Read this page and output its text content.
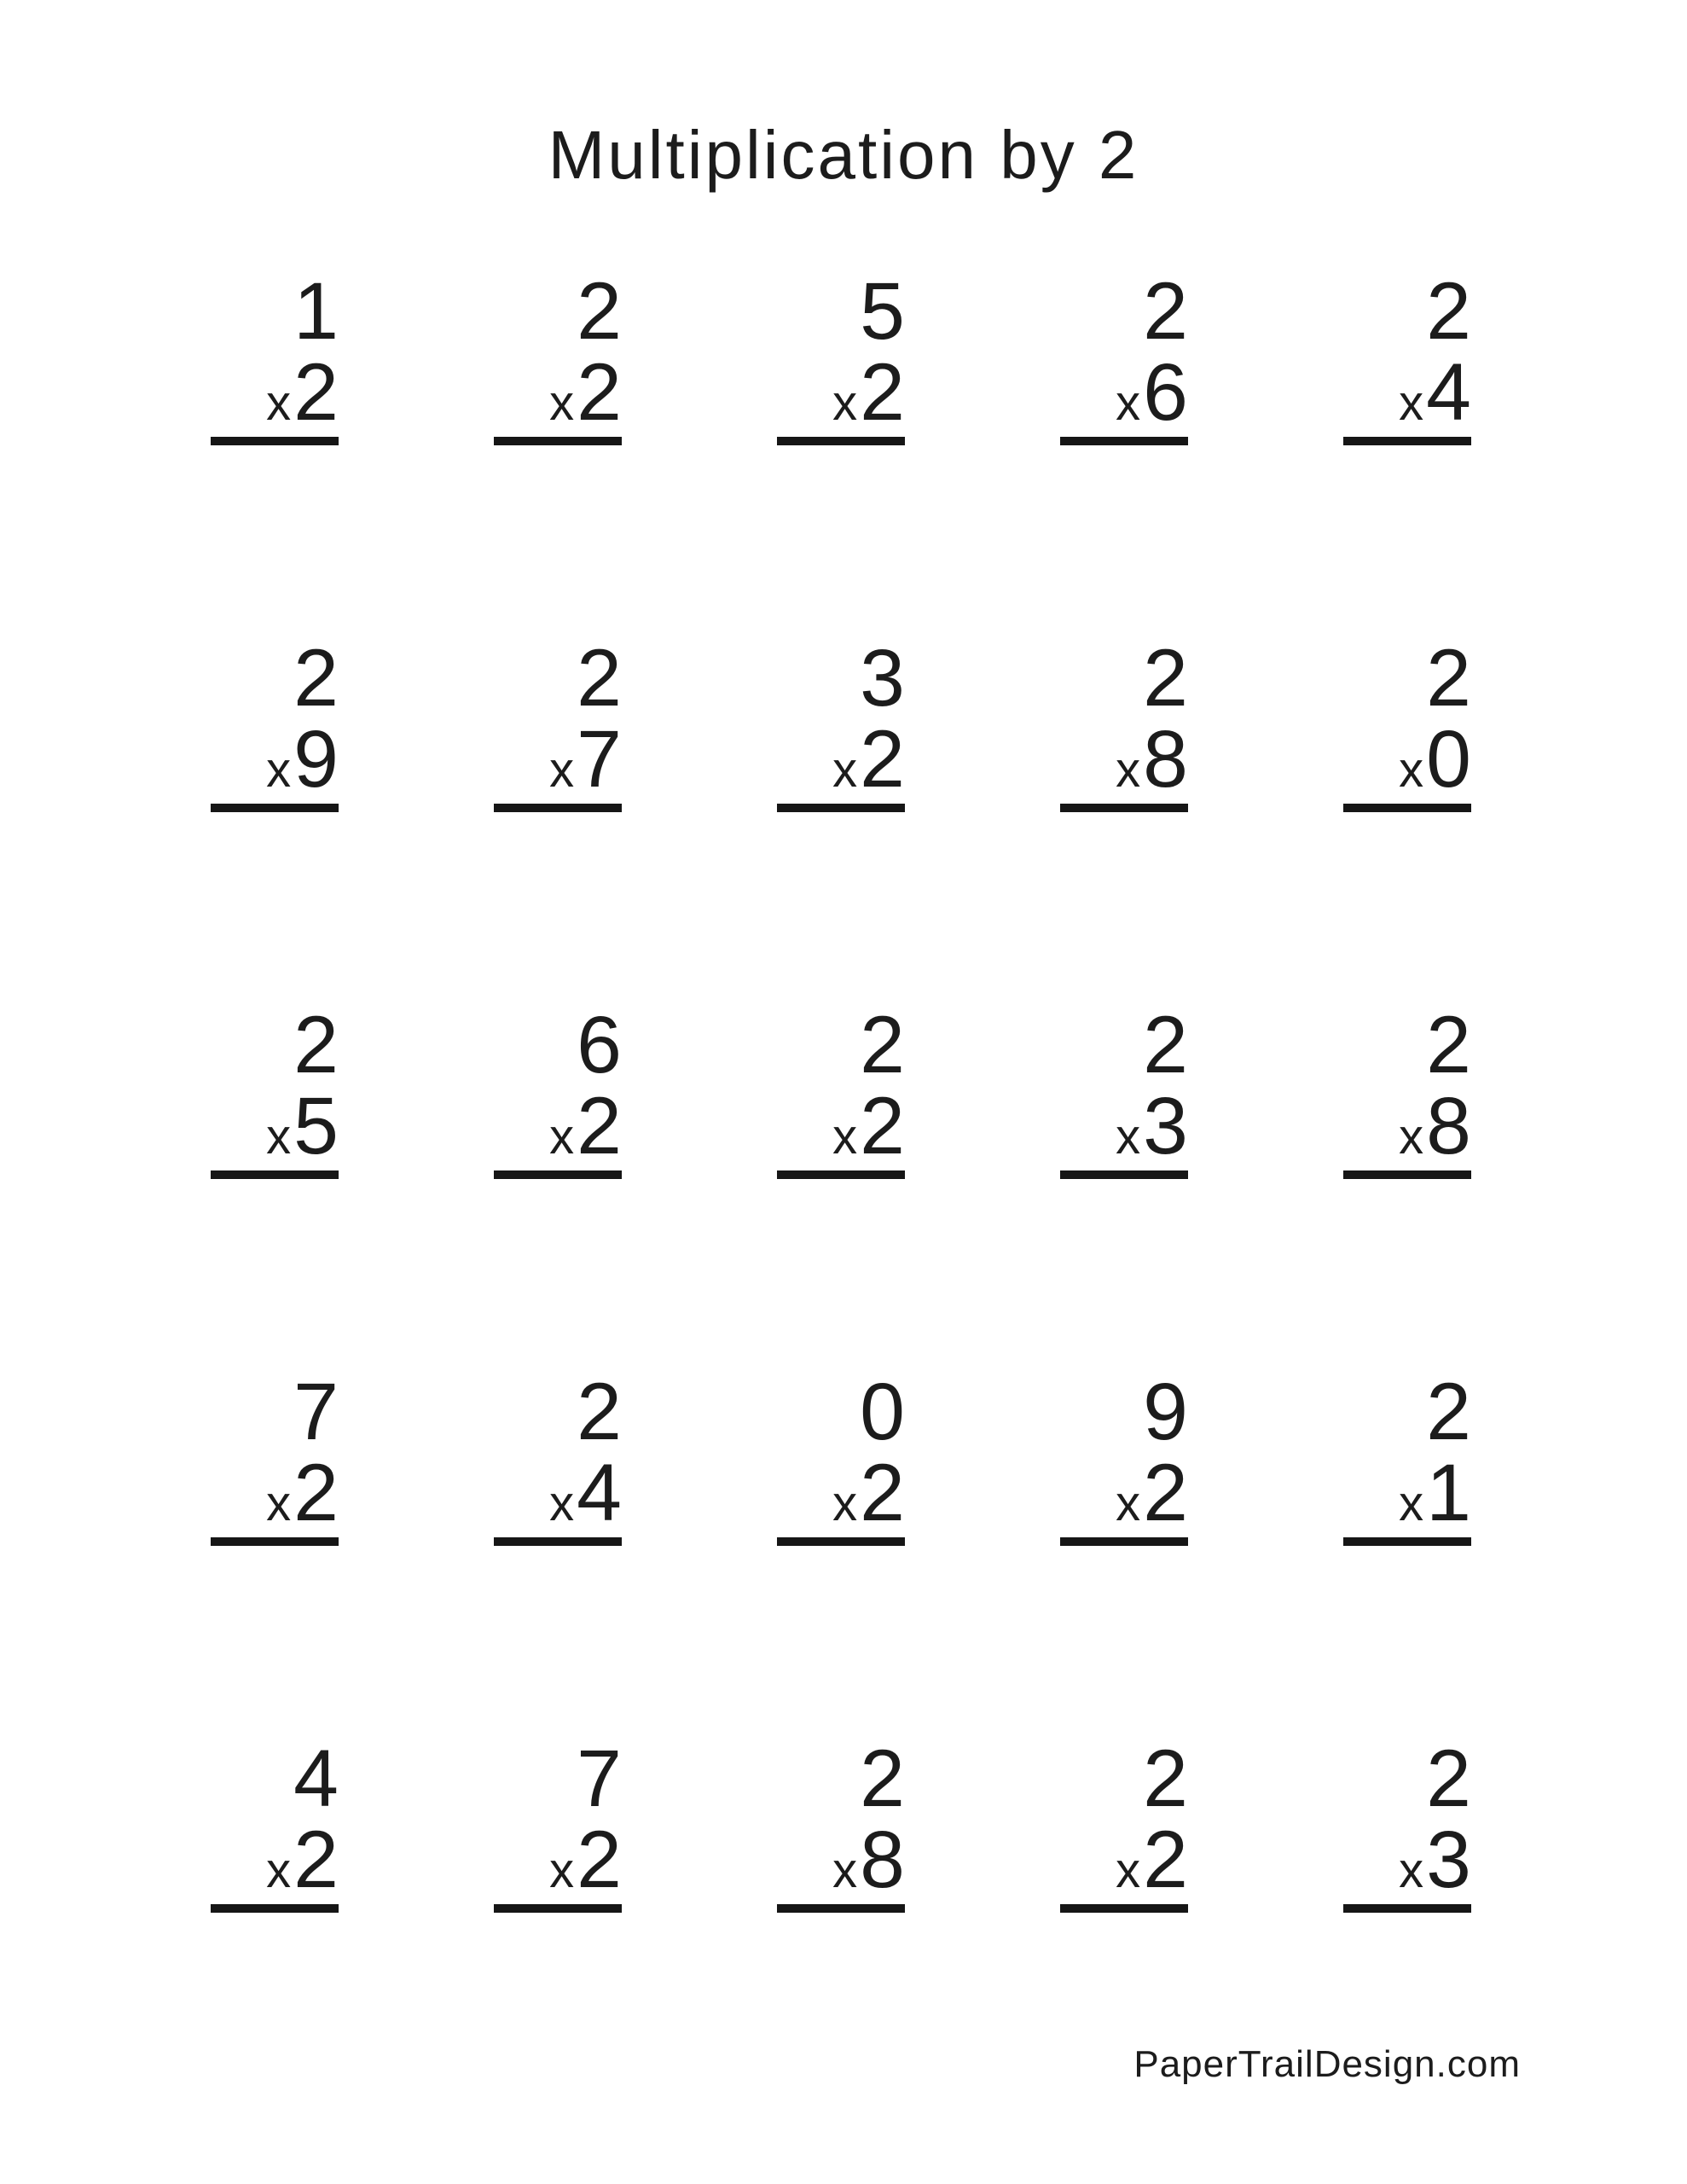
Multiplication by 2
1
x2
2
x2
5
x2
2
x6
2
x4
2
x9
2
x7
3
x2
2
x8
2
x0
2
x5
6
x2
2
x2
2
x3
2
x8
7
x2
2
x4
0
x2
9
x2
2
x1
4
x2
7
x2
2
x8
2
x2
2
x3
PaperTrailDesign.com
